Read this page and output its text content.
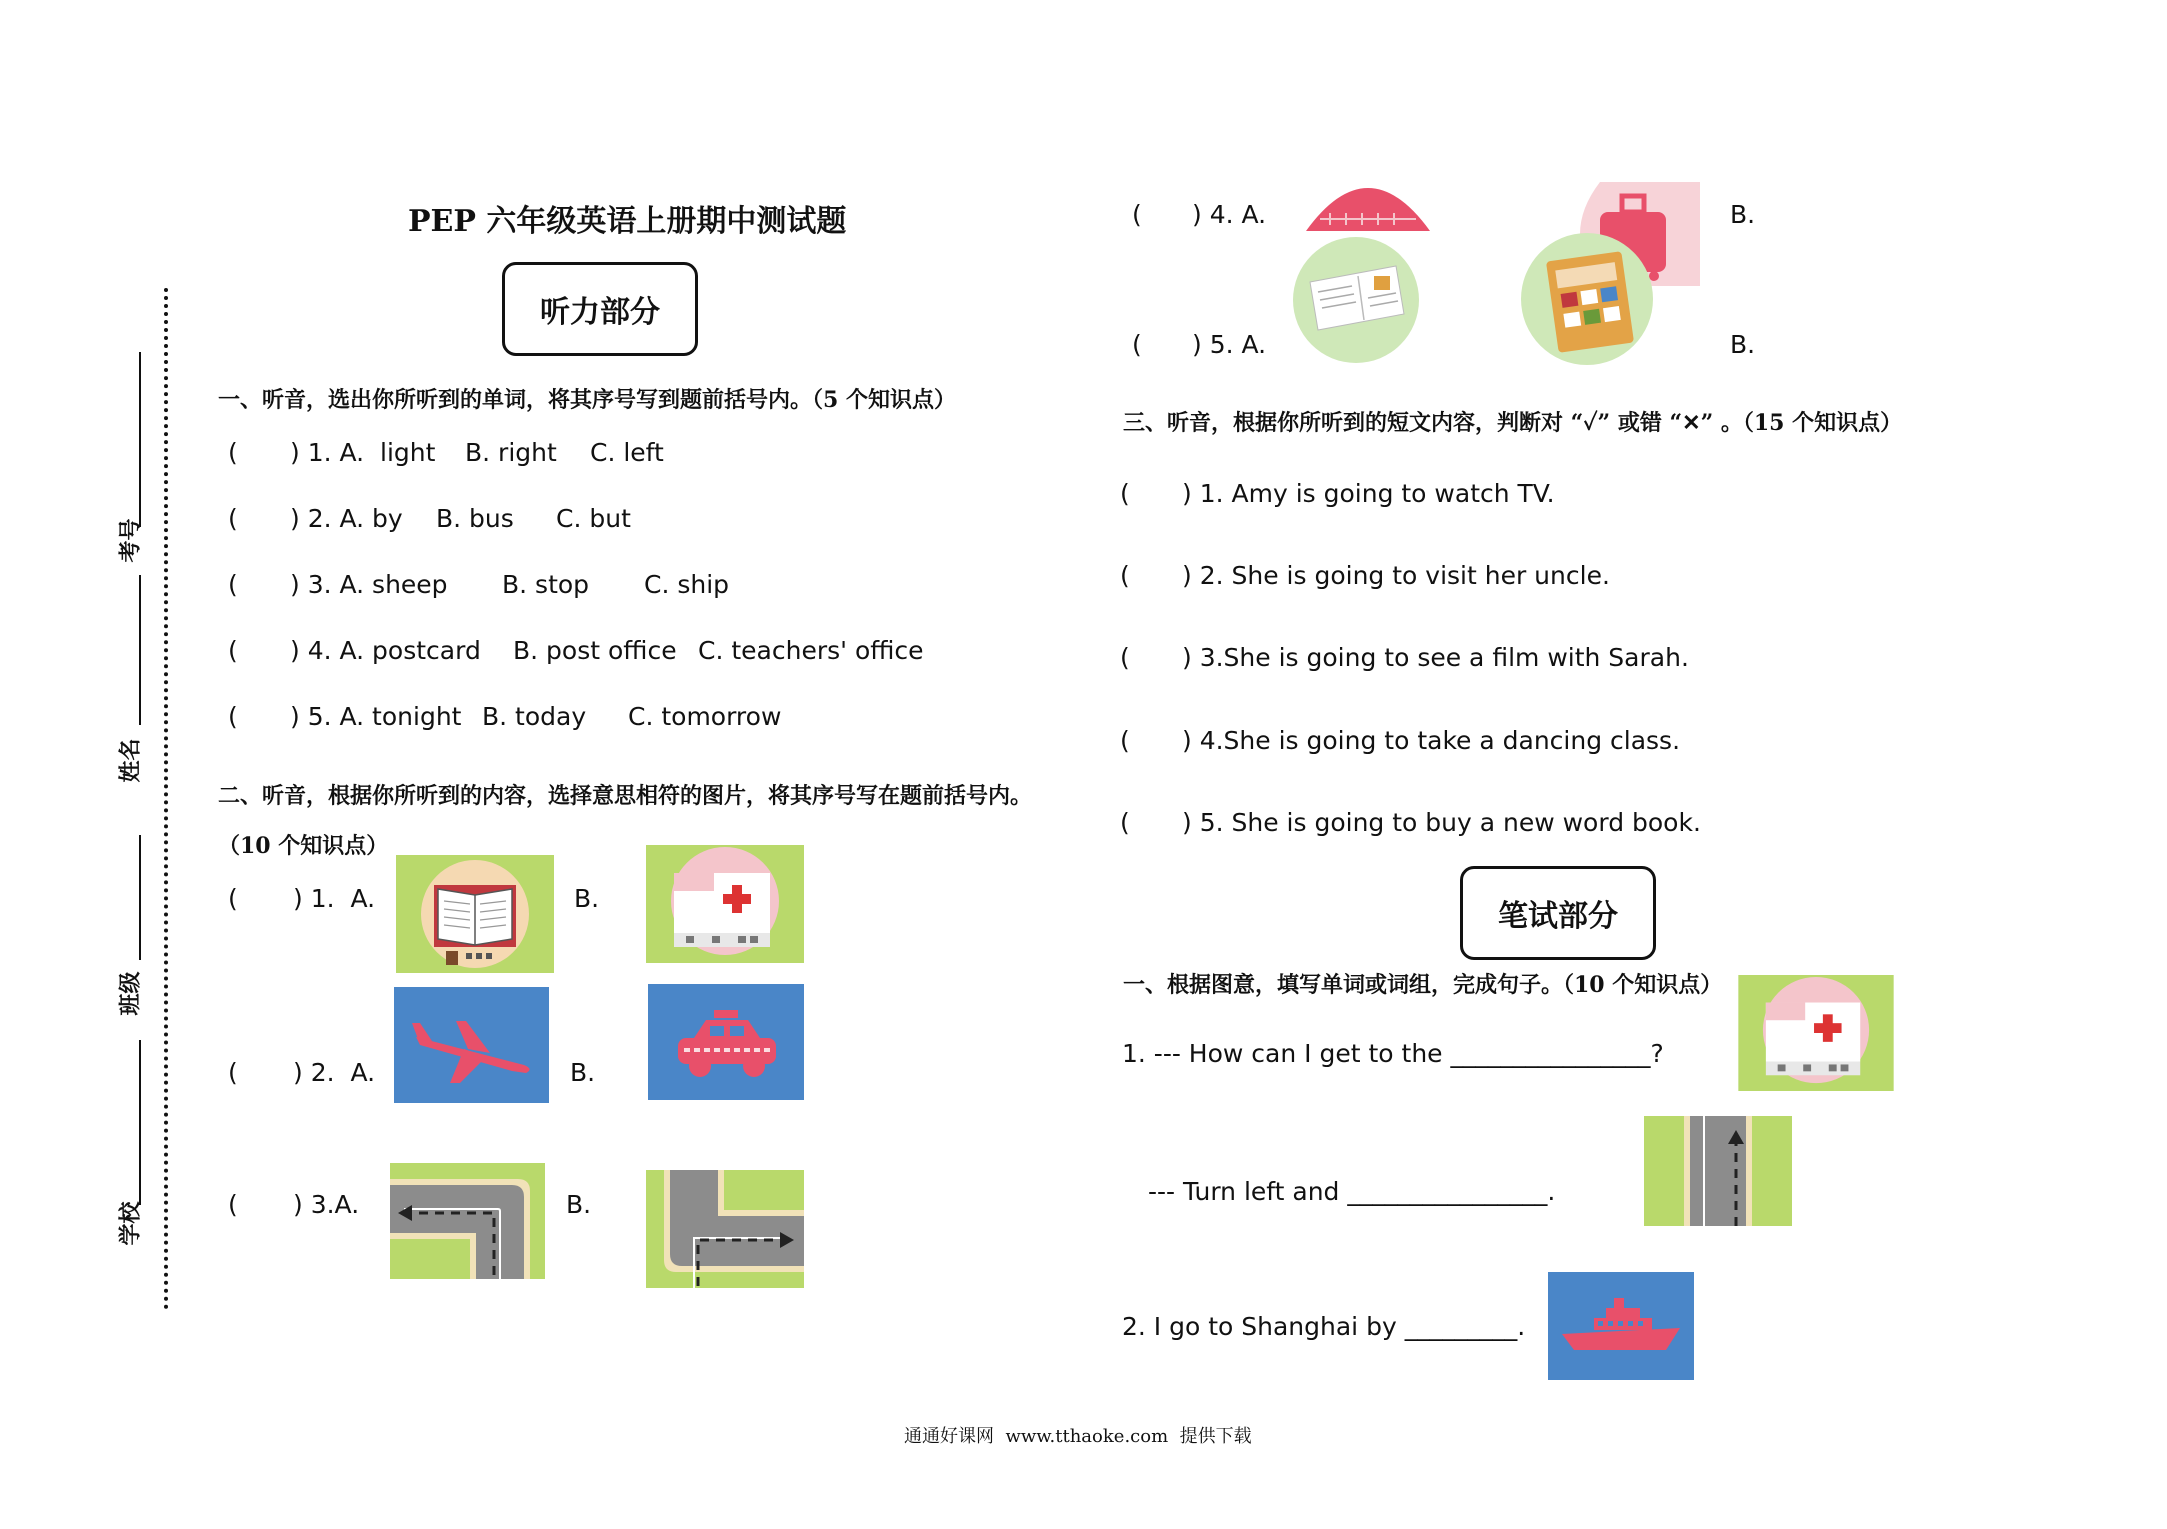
PEP 六年级英语上册期中测试题
听力部分
考号
姓名
班级
学校
一、听音，选出你所听到的单词，将其序号写到题前括号内。（5 个知识点）
( ) 1. A.  light B. right C. left
( ) 2. A. by B. bus C. but
( ) 3. A. sheep B. stop C. ship
( ) 4. A. postcard B. post office C. teachers' office
( ) 5. A. tonight B. today C. tomorrow
二、听音，根据你所听到的内容，选择意思相符的图片，将其序号写在题前括号内。
（10 个知识点）
( ) 1.  A.	B.
( ) 2.  A.	B.
( ) 3.A.	B.
( ) 4. A.	B.
( ) 5. A.	B.
三、听音，根据你所听到的短文内容，判断对 “✓” 或错 “✕” 。（15 个知识点）
( ) 1. Amy is going to watch TV.
( ) 2. She is going to visit her uncle.
( ) 3.She is going to see a film with Sarah.
( ) 4.She is going to take a dancing class.
( ) 5. She is going to buy a new word book.
笔试部分
一、根据图意，填写单词或词组，完成句子。（10 个知识点）
1. --- How can I get to the ________________?
--- Turn left and ________________.
2. I go to Shanghai by _________.
通通好课网  www.tthaoke.com  提供下载
